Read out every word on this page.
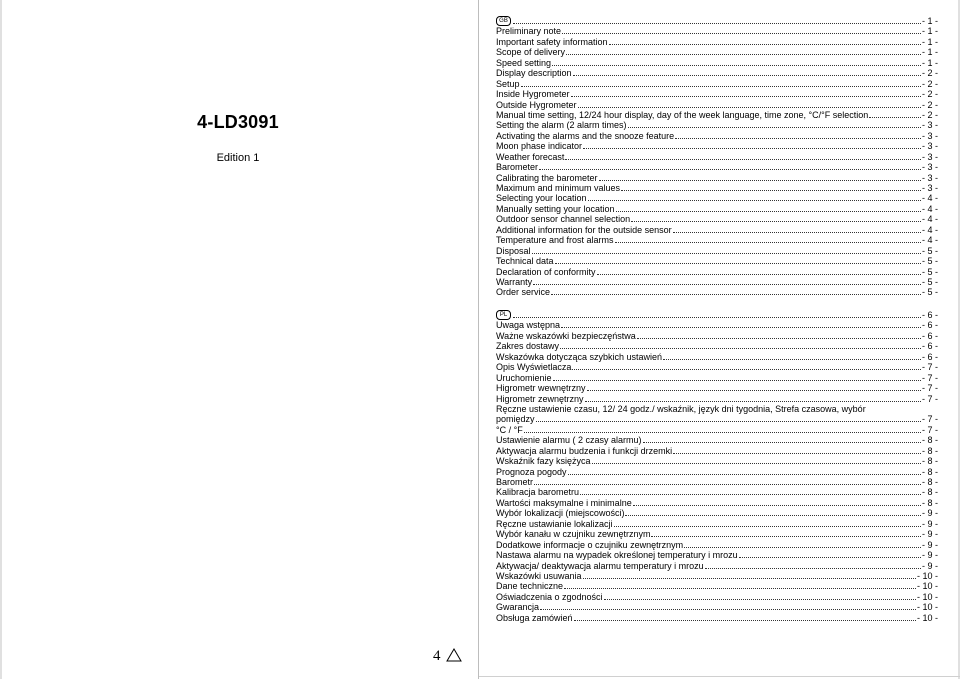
4-LD3091
Edition 1
4
GB	- 1 -
Preliminary note	- 1 -
Important safety information	- 1 -
Scope of delivery	- 1 -
Speed setting	- 1 -
Display description	- 2 -
Setup	- 2 -
Inside Hygrometer	- 2 -
Outside Hygrometer	- 2 -
Manual time setting, 12/24 hour display, day of the week language, time zone, °C/°F selection	- 2 -
Setting the alarm (2 alarm times)	- 3 -
Activating the alarms and the snooze feature	- 3 -
Moon phase indicator	- 3 -
Weather forecast	- 3 -
Barometer	- 3 -
Calibrating the barometer	- 3 -
Maximum and minimum values	- 3 -
Selecting your location	- 4 -
Manually setting your location	- 4 -
Outdoor sensor channel selection	- 4 -
Additional information for the outside sensor	- 4 -
Temperature and frost alarms	- 4 -
Disposal	- 5 -
Technical data	- 5 -
Declaration of conformity	- 5 -
Warranty	- 5 -
Order service	- 5 -
PL	- 6 -
Uwaga wstępna	- 6 -
Ważne wskazówki bezpieczęństwa	- 6 -
Zakres dostawy	- 6 -
Wskazówka dotycząca szybkich ustawień	- 6 -
Opis Wyświetlacza	- 7 -
Uruchomienie	- 7 -
Higrometr wewnętrzny	- 7 -
Higrometr zewnętrzny	- 7 -
Ręczne ustawienie czasu, 12/ 24 godz./ wskaźnik, język dni tygodnia, Strefa czasowa, wybór
pomiędzy	- 7 -
°C / °F	- 7 -
Ustawienie alarmu ( 2 czasy alarmu)	- 8 -
Aktywacja alarmu budzenia i funkcji drzemki	- 8 -
Wskaźnik fazy księżyca	- 8 -
Prognoza pogody	- 8 -
Barometr	- 8 -
Kalibracja barometru	- 8 -
Wartości maksymalne i minimalne	- 8 -
Wybór lokalizacji (miejscowości)	- 9 -
Ręczne ustawianie lokalizacji	- 9 -
Wybór kanału w czujniku zewnętrznym	- 9 -
Dodatkowe informacje o czujniku zewnętrznym	- 9 -
Nastawa alarmu na wypadek określonej temperatury i mrozu	- 9 -
Aktywacja/ deaktywacja alarmu temperatury i mrozu	- 9 -
Wskazówki usuwania	- 10 -
Dane techniczne	- 10 -
Oświadczenia o zgodności	- 10 -
Gwarancja	- 10 -
Obsługa zamówień	- 10 -
